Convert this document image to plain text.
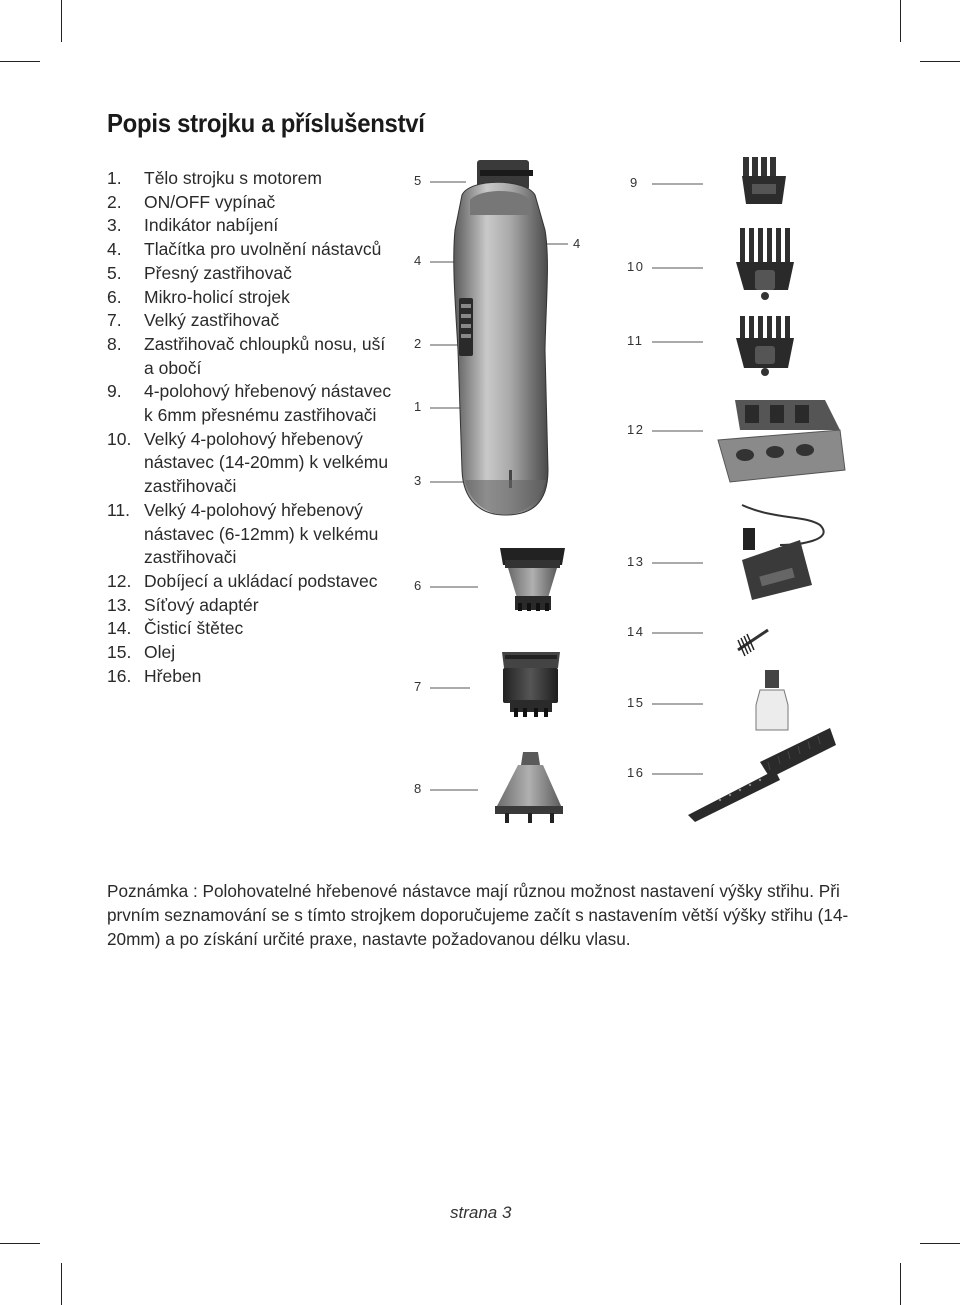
Popis strojku a příslušenství
1.	Tělo strojku s motorem
2.	ON/OFF vypínač
3.	Indikátor nabíjení
4.	Tlačítka pro uvolnění nástavců
5.	Přesný zastřihovač
6.	Mikro-holicí strojek
7.	Velký zastřihovač
8.	Zastřihovač chloupků nosu, uší a obočí
9.	4-polohový hřebenový nástavec k 6mm přesnému zastřihovači
10. Velký 4-polohový hřebenový nástavec (14-20mm) k velkému zastřihovači
11. Velký 4-polohový hřebenový nástavec (6-12mm) k velkému zastřihovači
12. Dobíjecí a ukládací podstavec
13. Síťový adaptér
14. Čisticí štětec
15. Olej
16. Hřeben
5
4
2
1
3
6
7
8
4
9
10
11
12
13
14
15
16

Poznámka : Polohovatelné hřebenové nástavce mají různou možnost nastavení výšky střihu. Při prvním seznamování se s tímto strojkem doporučujeme začít s nastavením větší výšky střihu (14-20mm) a po získání určité praxe, nastavte požadovanou délku vlasu.

strana 3
